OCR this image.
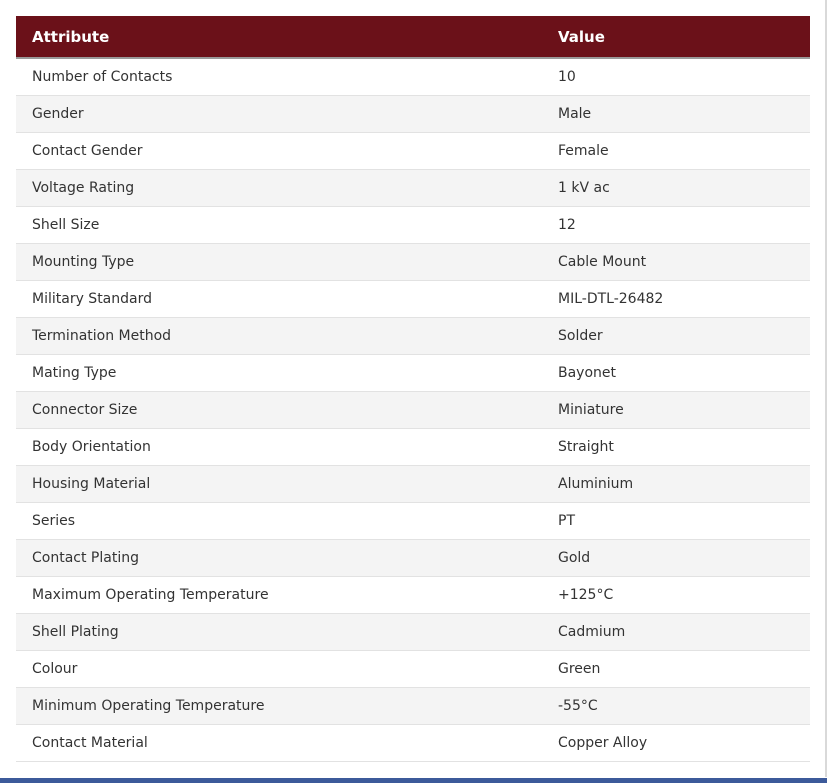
Attribute	Value
Number of Contacts	10
Gender	Male
Contact Gender	Female
Voltage Rating	1 kV ac
Shell Size	12
Mounting Type	Cable Mount
Military Standard	MIL-DTL-26482
Termination Method	Solder
Mating Type	Bayonet
Connector Size	Miniature
Body Orientation	Straight
Housing Material	Aluminium
Series	PT
Contact Plating	Gold
Maximum Operating Temperature	+125°C
Shell Plating	Cadmium
Colour	Green
Minimum Operating Temperature	-55°C
Contact Material	Copper Alloy
